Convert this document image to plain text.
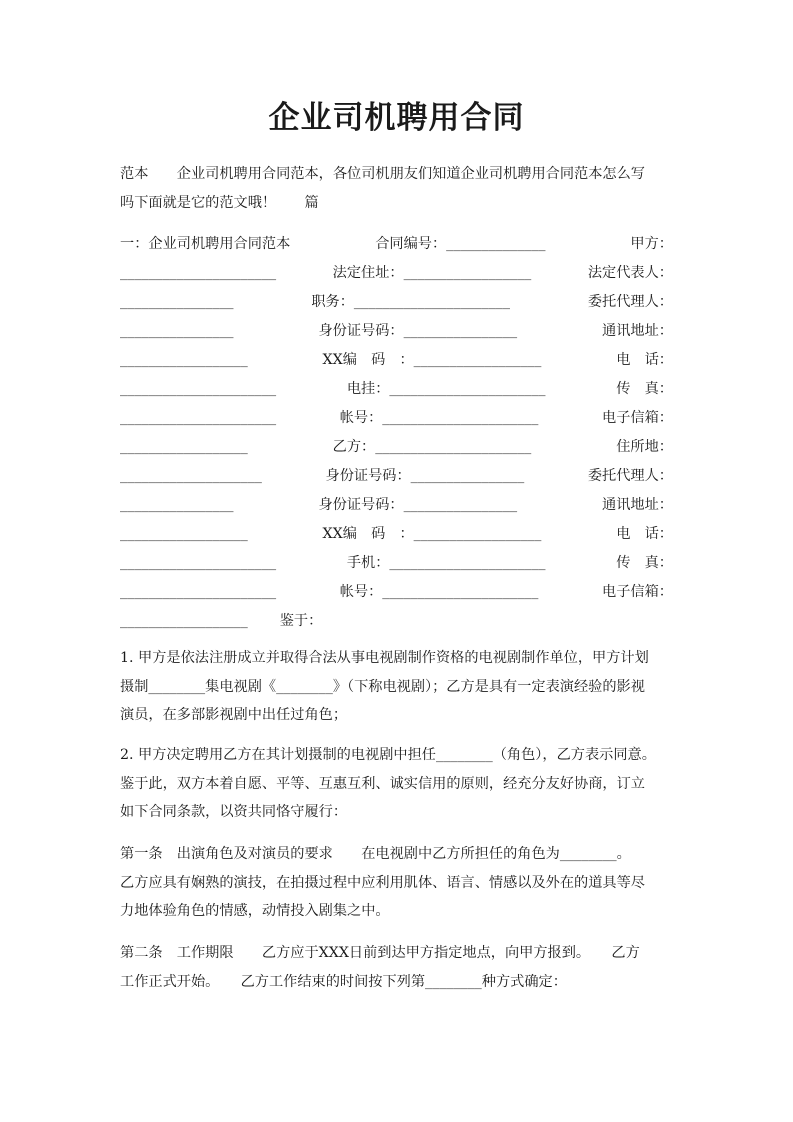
企业司机聘用合同
范本　　企业司机聘用合同范本，各位司机朋友们知道企业司机聘用合同范本怎么写
吗下面就是它的范文哦！　　篇
一：企业司机聘用合同范本	合同编号：______________	甲方：
______________________	法定住址：__________________	法定代表人：
________________	职务：______________________	委托代理人：
________________	身份证号码：________________	通讯地址：
__________________	XX编　码　：__________________	电　话：
______________________	电挂：______________________	传　真：
______________________	帐号：______________________	电子信箱：
__________________	乙方：______________________	住所地：
____________________	身份证号码：________________	委托代理人：
________________	身份证号码：________________	通讯地址：
__________________	XX编　码　：__________________	电　话：
______________________	手机：______________________	传　真：
______________________	帐号：______________________	电子信箱：
__________________ 鉴于：
1. 甲方是依法注册成立并取得合法从事电视剧制作资格的电视剧制作单位，甲方计划
摄制________集电视剧《________》（下称电视剧）；乙方是具有一定表演经验的影视
演员，在多部影视剧中出任过角色；
2. 甲方决定聘用乙方在其计划摄制的电视剧中担任________（角色），乙方表示同意。
鉴于此，双方本着自愿、平等、互惠互利、诚实信用的原则，经充分友好协商，订立
如下合同条款，以资共同恪守履行：
第一条　出演角色及对演员的要求　　在电视剧中乙方所担任的角色为________。
乙方应具有娴熟的演技，在拍摄过程中应利用肌体、语言、情感以及外在的道具等尽
力地体验角色的情感，动情投入剧集之中。
第二条　工作期限　　乙方应于XXX日前到达甲方指定地点，向甲方报到。　　乙方
工作正式开始。　　乙方工作结束的时间按下列第________种方式确定：
